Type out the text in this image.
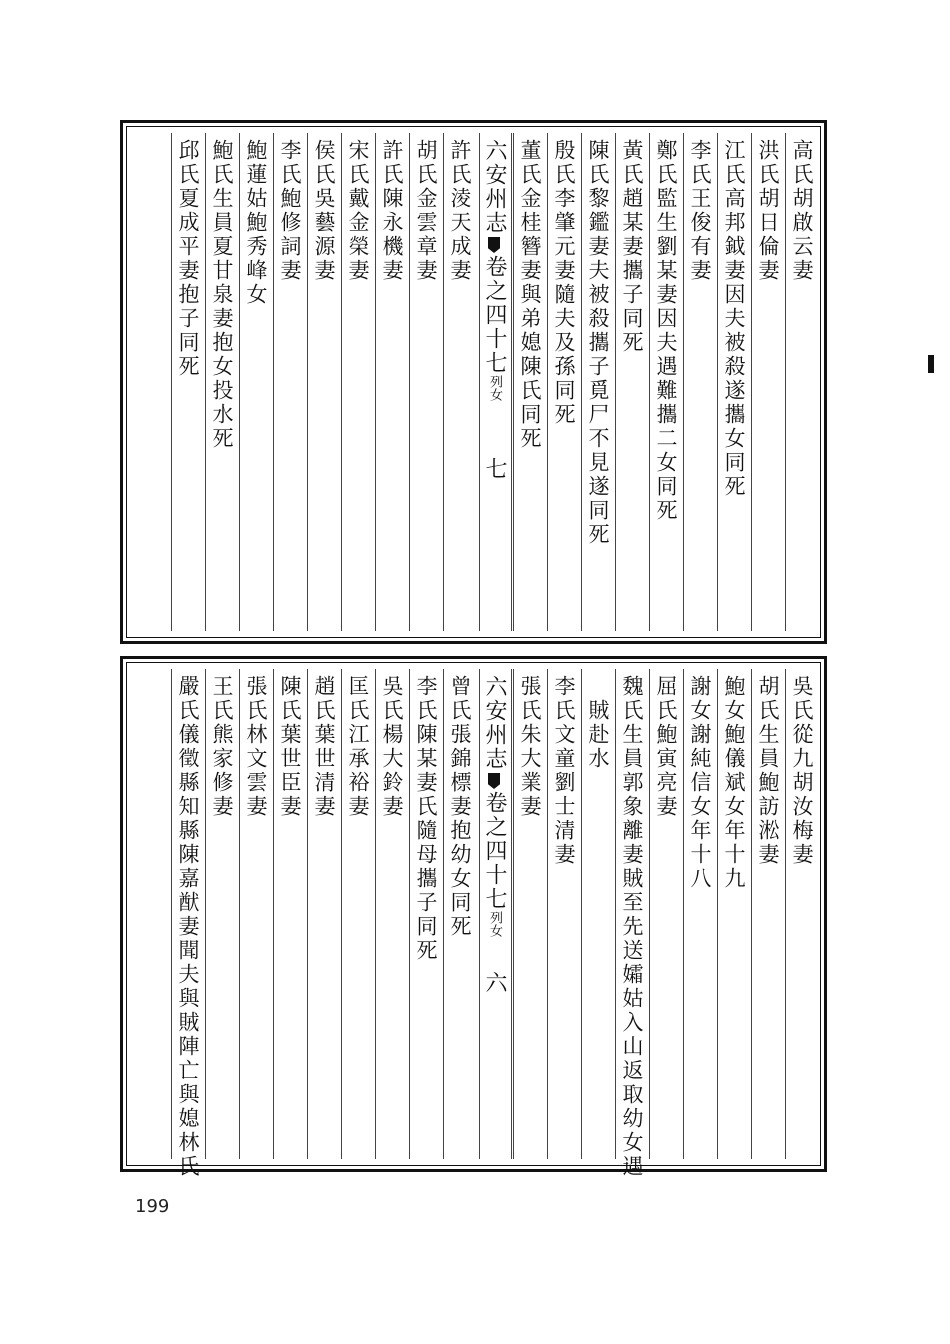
高氏胡啟云妻
洪氏胡日倫妻
江氏高邦鉞妻因夫被殺遂攜女同死
李氏王俊有妻
鄭氏監生劉某妻因夫遇難攜二女同死
黃氏趙某妻攜子同死
陳氏黎鑑妻夫被殺攜子覓尸不見遂同死
殷氏李肇元妻隨夫及孫同死
董氏金桂簪妻與弟媳陳氏同死
六安州志卷之四十七列女七
許氏淩天成妻
胡氏金雲章妻
許氏陳永機妻
宋氏戴金榮妻
侯氏吳藝源妻
李氏鮑修詞妻
鮑蓮姑鮑秀峰女
鮑氏生員夏甘泉妻抱女投水死
邱氏夏成平妻抱子同死
吳氏從九胡汝梅妻
胡氏生員鮑訪淞妻
鮑女鮑儀斌女年十九
謝女謝純信女年十八
屈氏鮑寅亮妻
魏氏生員郭象離妻賊至先送孀姑入山返取幼女遇
　賊赴水
李氏文童劉士清妻
張氏朱大業妻
六安州志卷之四十七列女六
曾氏張錦標妻抱幼女同死
李氏陳某妻氏隨母攜子同死
吳氏楊大鈴妻
匡氏江承裕妻
趙氏葉世清妻
陳氏葉世臣妻
張氏林文雲妻
王氏熊家修妻
嚴氏儀徵縣知縣陳嘉猷妻聞夫與賊陣亡與媳林氏
199
